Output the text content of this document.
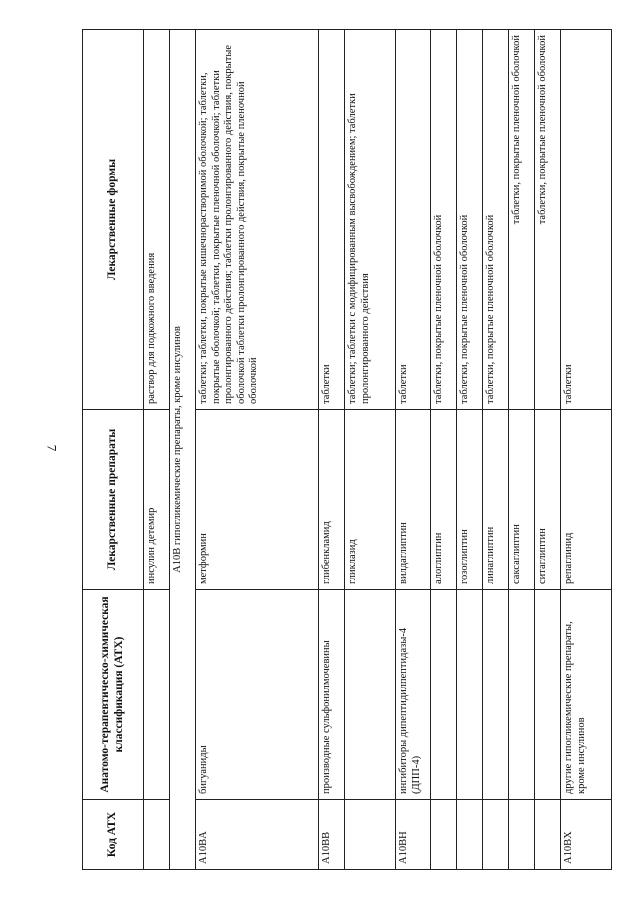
7
Код АТХ	Анатомо-терапевтическо-химическая классификация (АТХ)	Лекарственные препараты	Лекарственные формы
		инсулин детемир	раствор для подкожного введения
A10B гипогликемические препараты, кроме инсулинов			
A10BA	бигуаниды	метформин	таблетки; таблетки, покрытые кишечнорастворимой оболочкой; таблетки, покрытые оболочкой; таблетки, покрытые пленочной оболочкой; таблетки пролонгированного действия; таблетки пролонгированного действия, покрытые оболочкой таблетки пролонгированного действия, покрытые пленочной оболочкой
A10BB	производные сульфонилмочевины	глибенкламид	таблетки
		гликлазид	таблетки; таблетки с модифицированным высвобождением; таблетки пролонгированного действия
A10BH	ингибиторы дипептидилпептидазы-4 (ДПП-4)	вилдаглиптин	таблетки
		алоглиптин	таблетки, покрытые пленочной оболочкой
		гозоглиптин	таблетки, покрытые пленочной оболочкой
		линаглиптин	таблетки, покрытые пленочной оболочкой
		саксаглиптин	таблетки, покрытые пленочной оболочкой
		ситаглиптин	таблетки, покрытые пленочной оболочкой
A10BX	другие гипогликемические препараты, кроме инсулинов	репаглинид	таблетки
